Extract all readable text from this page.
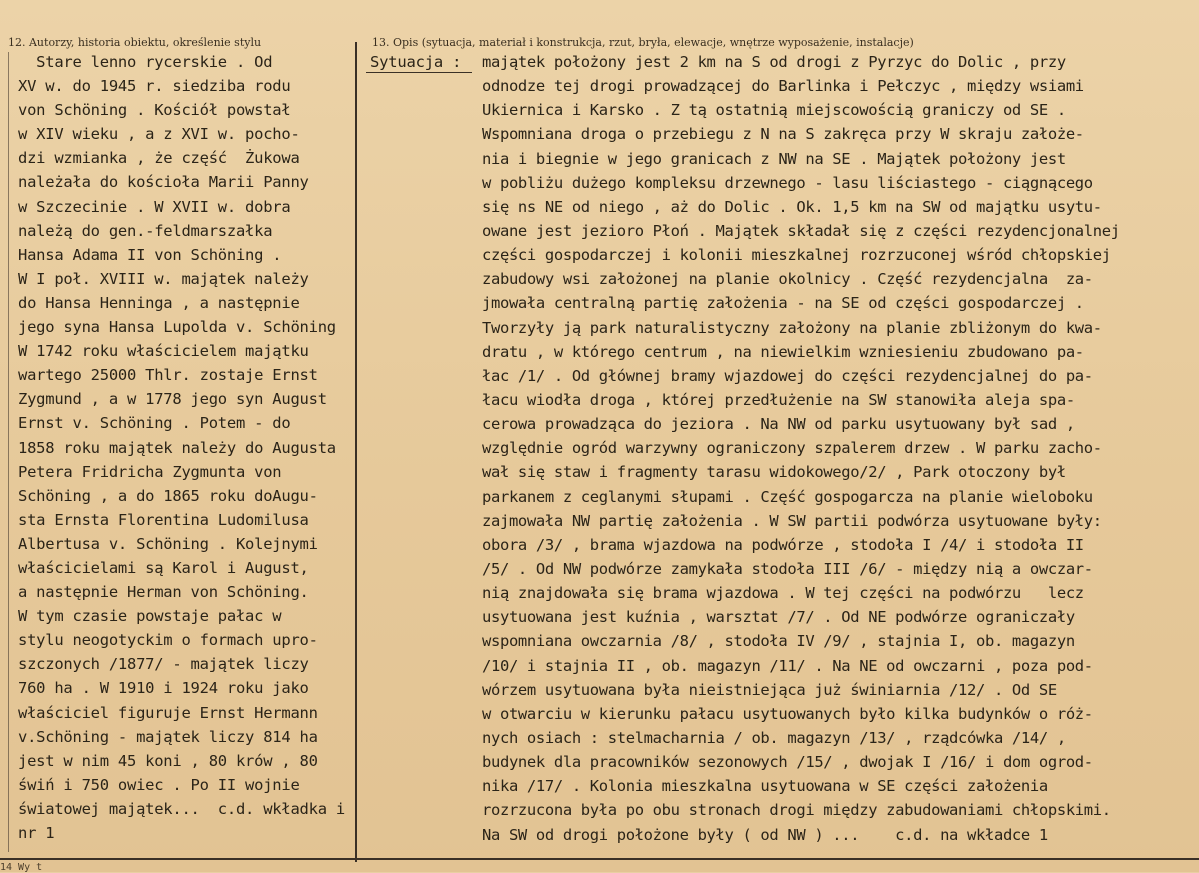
12. Autorzy, historia obiektu, określenie stylu	13. Opis (sytuacja, materiał i konstrukcja, rzut, bryła, elewacje, wnętrze wyposażenie, instalacje)
Stare lenno rycerskie . Od
XV w. do 1945 r. siedziba rodu
von Schöning . Kościół powstał
w XIV wieku , a z XVI w. pocho-
dzi wzmianka , że część  Żukowa
należała do kościoła Marii Panny
w Szczecinie . W XVII w. dobra
należą do gen.-feldmarszałka
Hansa Adama II von Schöning .
W I poł. XVIII w. majątek należy
do Hansa Henninga , a następnie
jego syna Hansa Lupolda v. Schöning
W 1742 roku właścicielem majątku
wartego 25000 Thlr. zostaje Ernst
Zygmund , a w 1778 jego syn August
Ernst v. Schöning . Potem - do
1858 roku majątek należy do Augusta
Petera Fridricha Zygmunta von
Schöning , a do 1865 roku doAugu-
sta Ernsta Florentina Ludomilusa
Albertusa v. Schöning . Kolejnymi
właścicielami są Karol i August,
a następnie Herman von Schöning.
W tym czasie powstaje pałac w
stylu neogotyckim o formach upro-
szczonych /1877/ - majątek liczy
760 ha . W 1910 i 1924 roku jako
właściciel figuruje Ernst Hermann
v.Schöning - majątek liczy 814 ha
jest w nim 45 koni , 80 krów , 80
świń i 750 owiec . Po II wojnie
światowej majątek...  c.d. wkładka i
nr 1
Sytuacja : majątek położony jest 2 km na S od drogi z Pyrzyc do Dolic , przy
odnodze tej drogi prowadzącej do Barlinka i Pełczyc , między wsiami
Ukiernica i Karsko . Z tą ostatnią miejscowością graniczy od SE .
Wspomniana droga o przebiegu z N na S zakręca przy W skraju założe-
nia i biegnie w jego granicach z NW na SE . Majątek położony jest
w pobliżu dużego kompleksu drzewnego - lasu liściastego - ciągnącego
się ns NE od niego , aż do Dolic . Ok. 1,5 km na SW od majątku usytu-
owane jest jezioro Płoń . Majątek składał się z części rezydencjonalnej
części gospodarczej i kolonii mieszkalnej rozrzuconej wśród chłopskiej
zabudowy wsi założonej na planie okolnicy . Część rezydencjalna  za-
jmowała centralną partię założenia - na SE od części gospodarczej .
Tworzyły ją park naturalistyczny założony na planie zbliżonym do kwa-
dratu , w którego centrum , na niewielkim wzniesieniu zbudowano pa-
łac /1/ . Od głównej bramy wjazdowej do części rezydencjalnej do pa-
łacu wiodła droga , której przedłużenie na SW stanowiła aleja spa-
cerowa prowadząca do jeziora . Na NW od parku usytuowany był sad ,
względnie ogród warzywny ograniczony szpalerem drzew . W parku zacho-
wał się staw i fragmenty tarasu widokowego/2/ , Park otoczony był
parkanem z ceglanymi słupami . Część gospogarcza na planie wieloboku
zajmowała NW partię założenia . W SW partii podwórza usytuowane były:
obora /3/ , brama wjazdowa na podwórze , stodoła I /4/ i stodoła II
/5/ . Od NW podwórze zamykała stodoła III /6/ - między nią a owczar-
nią znajdowała się brama wjazdowa . W tej części na podwórzu   lecz
usytuowana jest kuźnia , warsztat /7/ . Od NE podwórze ograniczały
wspomniana owczarnia /8/ , stodoła IV /9/ , stajnia I, ob. magazyn
/10/ i stajnia II , ob. magazyn /11/ . Na NE od owczarni , poza pod-
wórzem usytuowana była nieistniejąca już świniarnia /12/ . Od SE
w otwarciu w kierunku pałacu usytuowanych było kilka budynków o róż-
nych osiach : stelmacharnia / ob. magazyn /13/ , rządcówka /14/ ,
budynek dla pracowników sezonowych /15/ , dwojak I /16/ i dom ogrod-
nika /17/ . Kolonia mieszkalna usytuowana w SE części założenia
rozrzucona była po obu stronach drogi między zabudowaniami chłopskimi.
Na SW od drogi położone były ( od NW ) ...    c.d. na wkładce 1
14 Wy t
